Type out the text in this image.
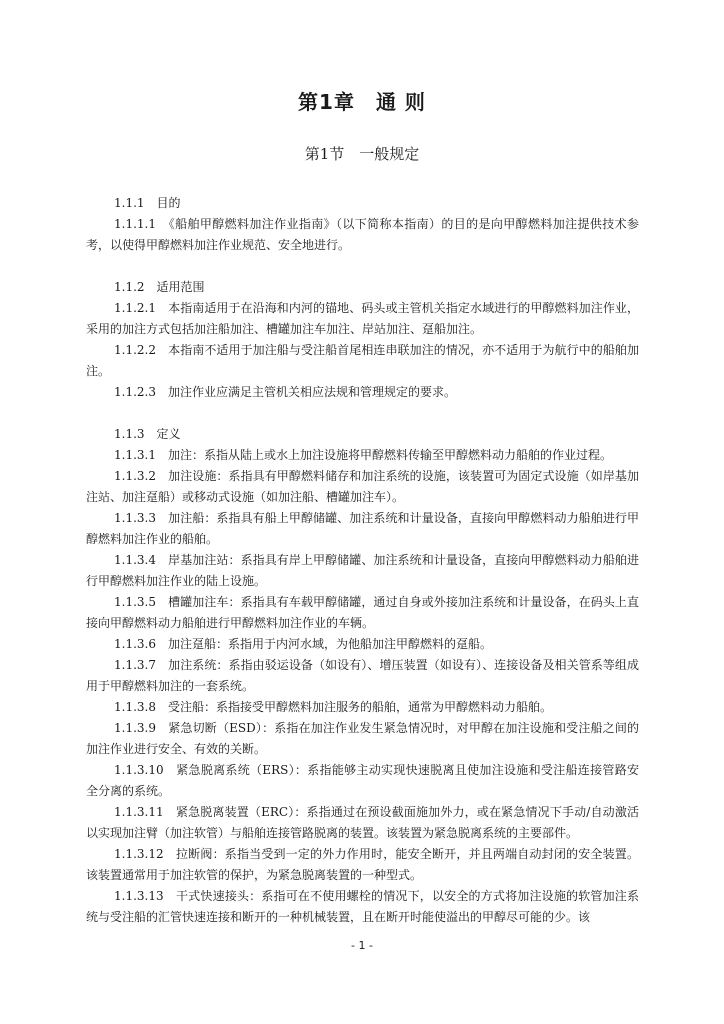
第1章　通 则
第1节　一般规定

1.1.1　目的

1.1.1.1　《船舶甲醇燃料加注作业指南》（以下简称本指南）的目的是向甲醇燃料加注提供技术参考，以使得甲醇燃料加注作业规范、安全地进行。

1.1.2　适用范围

1.1.2.1　本指南适用于在沿海和内河的锚地、码头或主管机关指定水域进行的甲醇燃料加注作业，采用的加注方式包括加注船加注、槽罐加注车加注、岸站加注、趸船加注。

1.1.2.2　本指南不适用于加注船与受注船首尾相连串联加注的情况，亦不适用于为航行中的船舶加注。

1.1.2.3　加注作业应满足主管机关相应法规和管理规定的要求。

1.1.3　定义

1.1.3.1　加注：系指从陆上或水上加注设施将甲醇燃料传输至甲醇燃料动力船舶的作业过程。

1.1.3.2　加注设施：系指具有甲醇燃料储存和加注系统的设施，该装置可为固定式设施（如岸基加注站、加注趸船）或移动式设施（如加注船、槽罐加注车）。

1.1.3.3　加注船：系指具有船上甲醇储罐、加注系统和计量设备，直接向甲醇燃料动力船舶进行甲醇燃料加注作业的船舶。

1.1.3.4　岸基加注站：系指具有岸上甲醇储罐、加注系统和计量设备，直接向甲醇燃料动力船舶进行甲醇燃料加注作业的陆上设施。

1.1.3.5　槽罐加注车：系指具有车载甲醇储罐，通过自身或外接加注系统和计量设备，在码头上直接向甲醇燃料动力船舶进行甲醇燃料加注作业的车辆。

1.1.3.6　加注趸船：系指用于内河水域，为他船加注甲醇燃料的趸船。

1.1.3.7　加注系统：系指由驳运设备（如设有）、增压装置（如设有）、连接设备及相关管系等组成用于甲醇燃料加注的一套系统。

1.1.3.8　受注船：系指接受甲醇燃料加注服务的船舶，通常为甲醇燃料动力船舶。

1.1.3.9　紧急切断（ESD）：系指在加注作业发生紧急情况时，对甲醇在加注设施和受注船之间的加注作业进行安全、有效的关断。

1.1.3.10　紧急脱离系统（ERS）：系指能够主动实现快速脱离且使加注设施和受注船连接管路安全分离的系统。

1.1.3.11　紧急脱离装置（ERC）：系指通过在预设截面施加外力，或在紧急情况下手动/自动激活以实现加注臂（加注软管）与船舶连接管路脱离的装置。该装置为紧急脱离系统的主要部件。

1.1.3.12　拉断阀：系指当受到一定的外力作用时，能安全断开，并且两端自动封闭的安全装置。该装置通常用于加注软管的保护，为紧急脱离装置的一种型式。

1.1.3.13　干式快速接头：系指可在不使用螺栓的情况下，以安全的方式将加注设施的软管加注系统与受注船的汇管快速连接和断开的一种机械装置，且在断开时能使溢出的甲醇尽可能的少。该

- 1 -
